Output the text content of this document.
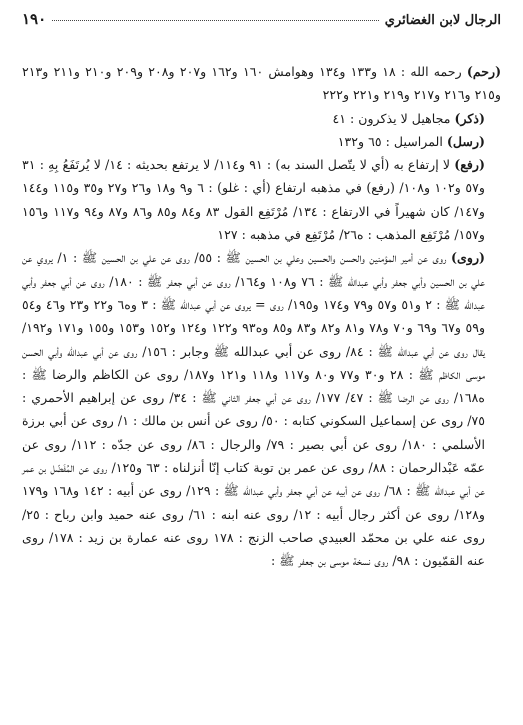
الرجال لابن الغضائري
١٩٠

(رحم) رحمه الله : ١٨ و١٣٣ و١٣٤ وهوامش ١٦٠ و١٦٢ و٢٠٧ و٢٠٨ و٢٠٩ و٢١٠ و٢١١ و٢١٣ و٢١٥ و٢١٦ و٢١٧ و٢١٩ و٢٢١ و٢٢٢

(ذكر) مجاهيل لا يذكرون : ٤١

(رسل) المراسيل : ٦٥ و١٣٢

(رفع) لا إرتفاع به (أي لا يتّصل السند به) : ٩١ و١١٤/ لا يرتفع بحديثه : ١٤/ لا يُرتَفَعُ بِهِ : ٣١ و٥٧ و١٠٢ و١٠٨/ (رفع) في مذهبه ارتفاع (أي : غلو) : ٦ و٩ و١٨ و٢٦ و٢٧ و٣٥ و١١٥ و١٤٤ و١٤٧/ كان شهيراً في الارتفاع : ١٣٤/ مُرْتَفِع القول ٨٣ و٨٤ و٨٥ و٨٦ و٨٧ و٩٤ و١١٧ و١٥٦ و١٥٧/ مُرْتَفِع المذهب : ه٢٦/ مُرْتَفِع في مذهبه : ١٢٧

(روى) روى عن أمير المؤمنين والحسن والحسين وعلي بن الحسين ﷺ : ٥٥/ روى عن علي بن الحسين ﷺ : ١/ يروي عن علي بن الحسين وأبي جعفر وأبي عبدالله ﷺ : ٧٦ و١٠٨ و١٦٤/ روى عن أبي جعفر ﷺ : ١٨٠/ روى عن أبي جعفر وأبي عبدالله ﷺ : ٢ و٥١ و٥٧ و٧٩ و١٧٤ و١٩٥/ روى = يروى عن أبي عبدالله ﷺ : ٣ وه٦ و٢٢ و٢٣ و٤٦ و٥٤ و٥٩ و٦٧ و٦٩ و٧٠ و٧٨ و٨١ و٨٢ و٨٣ و٨٥ وه٩٣ و١٢٢ و١٢٤ و١٥٢ و١٥٣ و١٥٥ و١٧١ و١٩٢/ يقال روى عن أبي عبدالله ﷺ : ٨٤/ روى عن أبي عبدالله ﷺ وجابر : ١٥٦/ روى عن أبي عبدالله وأبي الحسن موسى الكاظم ﷺ : ٢٨ و٣٠ و٧٧ و٨٠ و١١٧ و١١٨ و١٢١ و١٨٧/ روى عن الكاظم والرضا ﷺ : ه١٦٨/ روى عن الرضا ﷺ : ٤٧/ ١٧٧/ روى عن أبي جعفر الثاني ﷺ : ٣٤/ روى عن إبراهيم الأحمري : ٧٥/ روى عن إسماعيل السكوني كتابه : ٥٠/ روى عن أنس بن مالك : ١/ روى عن أبي برزة الأسلمي : ١٨٠/ روى عن أبي بصير : ٧٩/ والرجال : ٨٦/ روى عن جدّه : ١١٢/ روى عن عمّه عَبْدالرحمان : ٨٨/ روى عن عمر بن توبة كتاب إنّا أنزلناه : ٦٣ و١٢٥/ روى عن المُفَضّل بن عمر عن أبي عبدالله ﷺ : ٦٨/ روى عن أبيه عن أبي جعفر وأبي عبدالله ﷺ : ١٢٩/ روى عن أبيه : ١٤٢ و١٦٨ و١٧٩ و١٢٨/ روى عن أكثر رجال أبيه : ١٢/ روى عنه ابنه : ٦١/ روى عنه حميد وابن رباح : ٢٥/ روى عنه علي بن محمّد العبيدي صاحب الزنج : ١٧٨ روى عنه عمارة بن زيد : ١٧٨/ روى عنه القمّيون : ٩٨/ روى نسخة موسى بن جعفر ﷺ :
